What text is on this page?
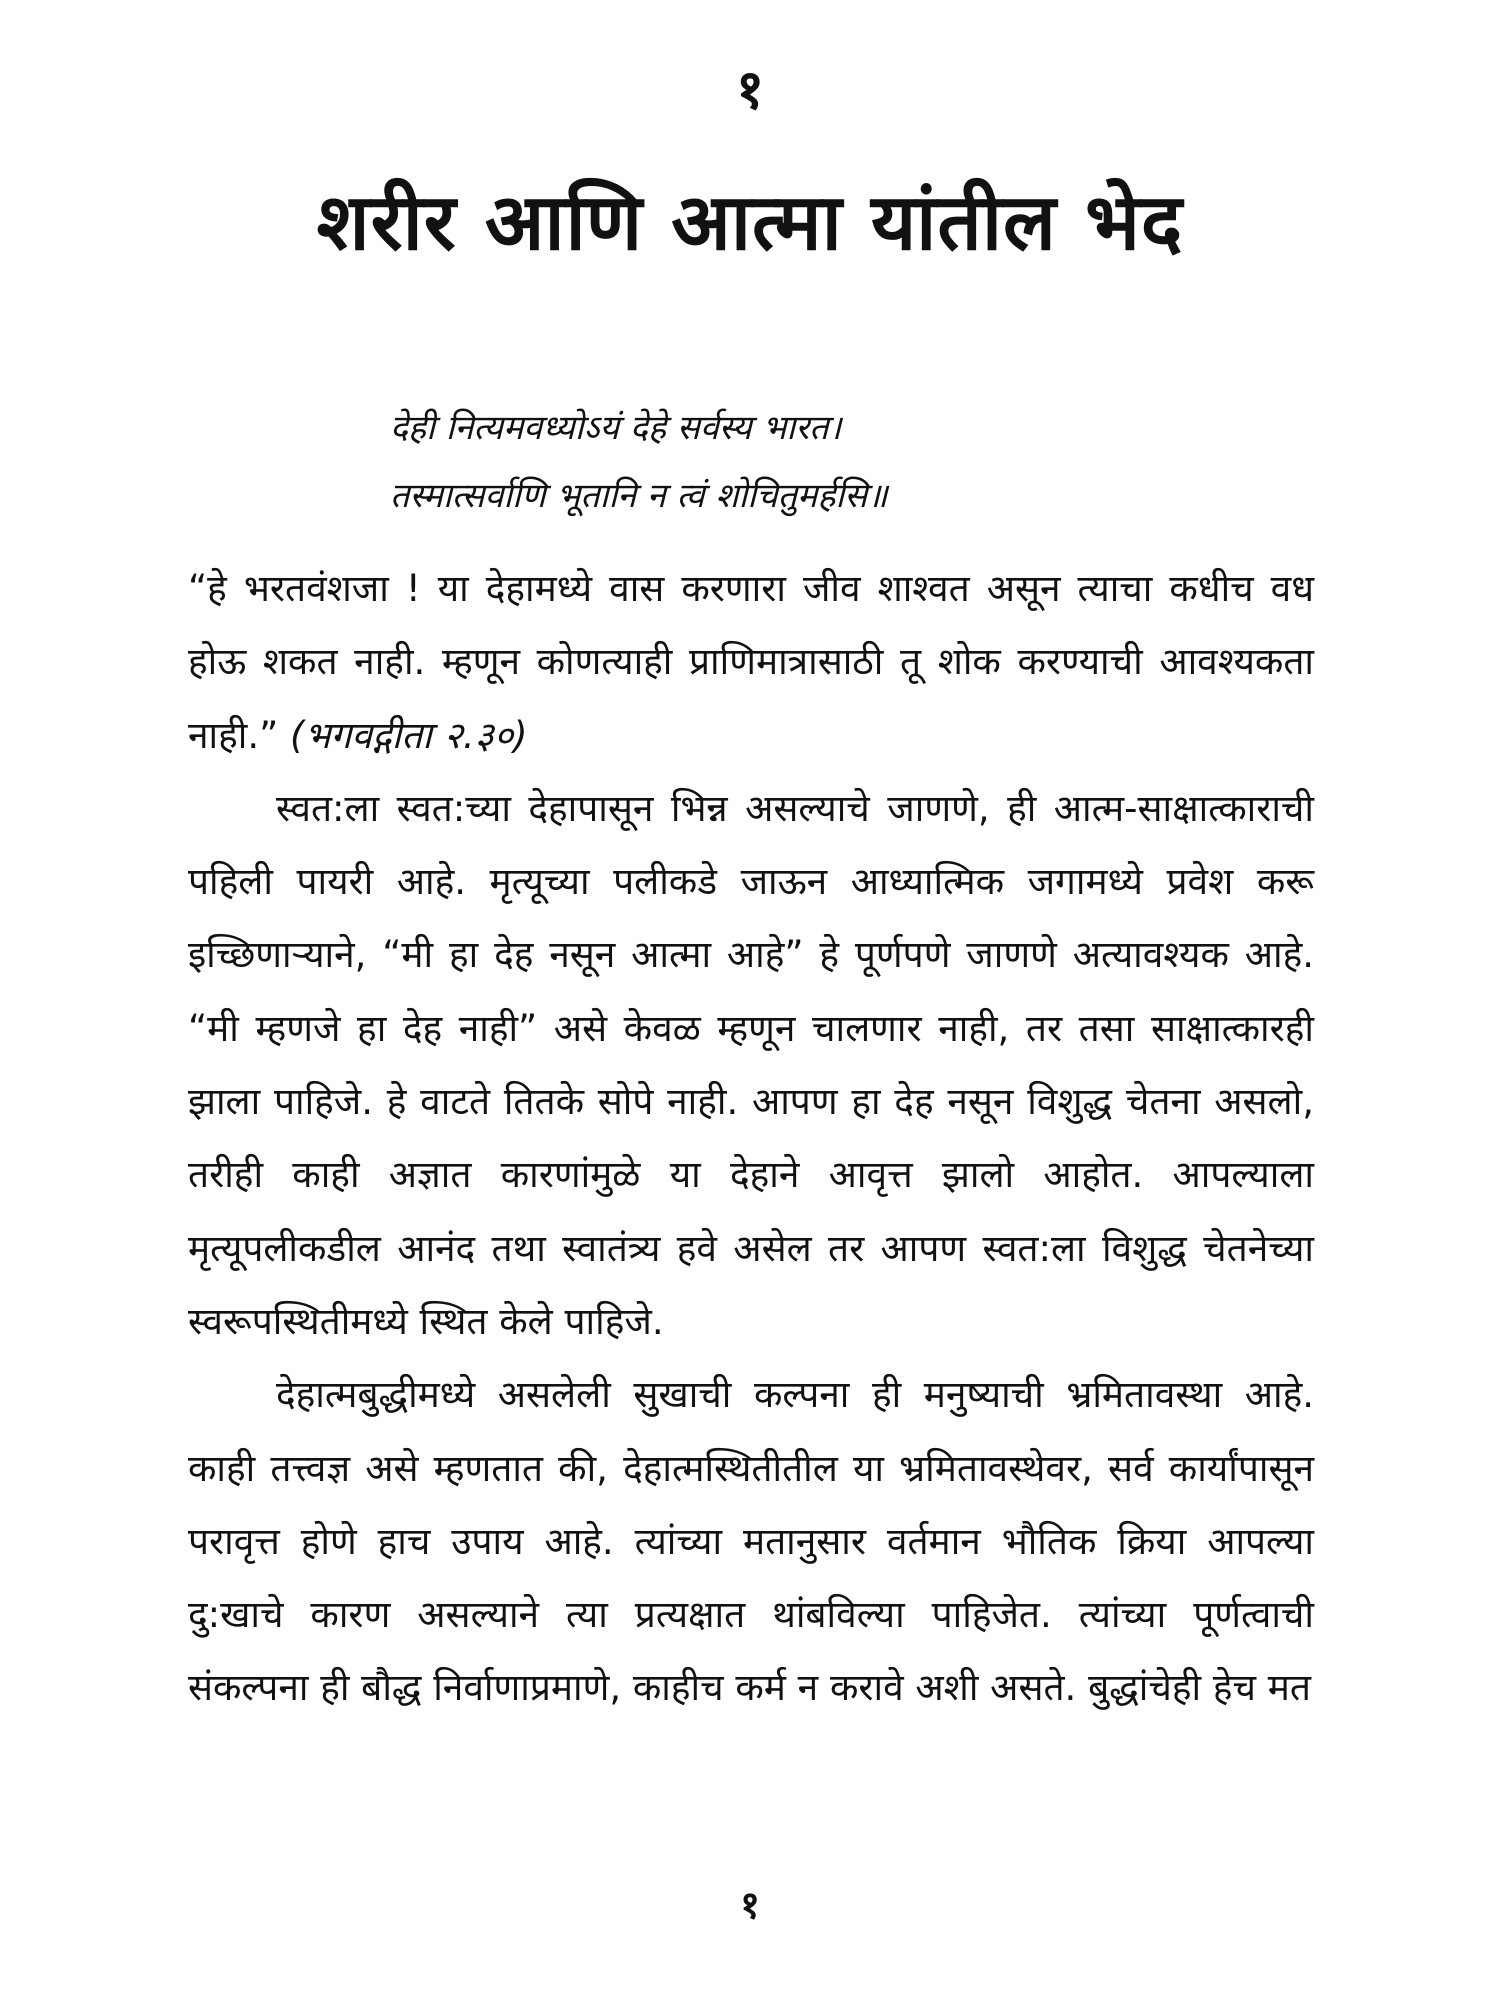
१
शरीर आणि आत्मा यांतील भेद
देही नित्यमवध्योऽयं देहे सर्वस्य भारत।
तस्मात्सर्वाणि भूतानि न त्वं शोचितुमर्हसि॥

“हे भरतवंशजा ! या देहामध्ये वास करणारा जीव शाश्वत असून त्याचा कधीच वध होऊ शकत नाही. म्हणून कोणत्याही प्राणिमात्रासाठी तू शोक करण्याची आवश्यकता नाही.” (भगवद्गीता २.३०)

स्वत:ला स्वत:च्या देहापासून भिन्न असल्याचे जाणणे, ही आत्म-साक्षात्काराची पहिली पायरी आहे. मृत्यूच्या पलीकडे जाऊन आध्यात्मिक जगामध्ये प्रवेश करू इच्छिणाऱ्याने, “मी हा देह नसून आत्मा आहे” हे पूर्णपणे जाणणे अत्यावश्यक आहे. “मी म्हणजे हा देह नाही” असे केवळ म्हणून चालणार नाही, तर तसा साक्षात्कारही झाला पाहिजे. हे वाटते तितके सोपे नाही. आपण हा देह नसून विशुद्ध चेतना असलो, तरीही काही अज्ञात कारणांमुळे या देहाने आवृत्त झालो आहोत. आपल्याला मृत्यूपलीकडील आनंद तथा स्वातंत्र्य हवे असेल तर आपण स्वत:ला विशुद्ध चेतनेच्या स्वरूपस्थितीमध्ये स्थित केले पाहिजे.

देहात्मबुद्धीमध्ये असलेली सुखाची कल्पना ही मनुष्याची भ्रमितावस्था आहे. काही तत्त्वज्ञ असे म्हणतात की, देहात्मस्थितीतील या भ्रमितावस्थेवर, सर्व कार्यांपासून परावृत्त होणे हाच उपाय आहे. त्यांच्या मतानुसार वर्तमान भौतिक क्रिया आपल्या दु:खाचे कारण असल्याने त्या प्रत्यक्षात थांबविल्या पाहिजेत. त्यांच्या पूर्णत्वाची संकल्पना ही बौद्ध निर्वाणाप्रमाणे, काहीच कर्म न करावे अशी असते. बुद्धांचेही हेच मत

१
